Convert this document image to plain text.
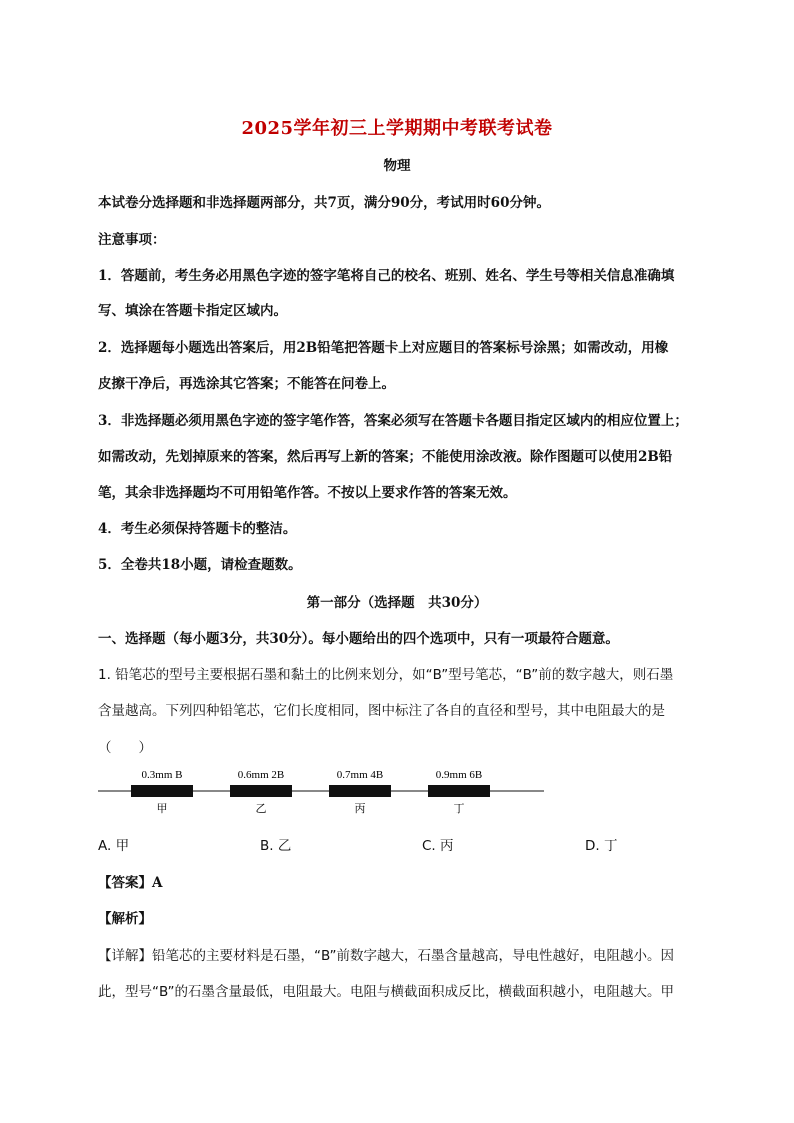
2025学年初三上学期期中考联考试卷
物理
本试卷分选择题和非选择题两部分，共7页，满分90分，考试用时60分钟。
注意事项：
1．答题前，考生务必用黑色字迹的签字笔将自己的校名、班别、姓名、学生号等相关信息准确填
写、填涂在答题卡指定区域内。
2．选择题每小题选出答案后，用2B铅笔把答题卡上对应题目的答案标号涂黑；如需改动，用橡
皮擦干净后，再选涂其它答案；不能答在问卷上。
3．非选择题必须用黑色字迹的签字笔作答，答案必须写在答题卡各题目指定区域内的相应位置上；
如需改动，先划掉原来的答案，然后再写上新的答案；不能使用涂改液。除作图题可以使用2B铅
笔，其余非选择题均不可用铅笔作答。不按以上要求作答的答案无效。
4．考生必须保持答题卡的整洁。
5．全卷共18小题，请检查题数。
第一部分（选择题　共30分）
一、选择题（每小题3分，共30分）。每小题给出的四个选项中，只有一项最符合题意。
1. 铅笔芯的型号主要根据石墨和黏土的比例来划分，如“B”型号笔芯，“B”前的数字越大，则石墨
含量越高。下列四种铅笔芯，它们长度相同，图中标注了各自的直径和型号，其中电阻最大的是
（　　）
0.3mm B	0.6mm 2B	0.7mm 4B	0.9mm 6B
甲	乙	丙	丁
A. 甲	B. 乙	C. 丙	D. 丁
【答案】A
【解析】
【详解】铅笔芯的主要材料是石墨，“B”前数字越大，石墨含量越高，导电性越好，电阻越小。因
此，型号“B”的石墨含量最低，电阻最大。电阻与横截面积成反比，横截面积越小，电阻越大。甲
